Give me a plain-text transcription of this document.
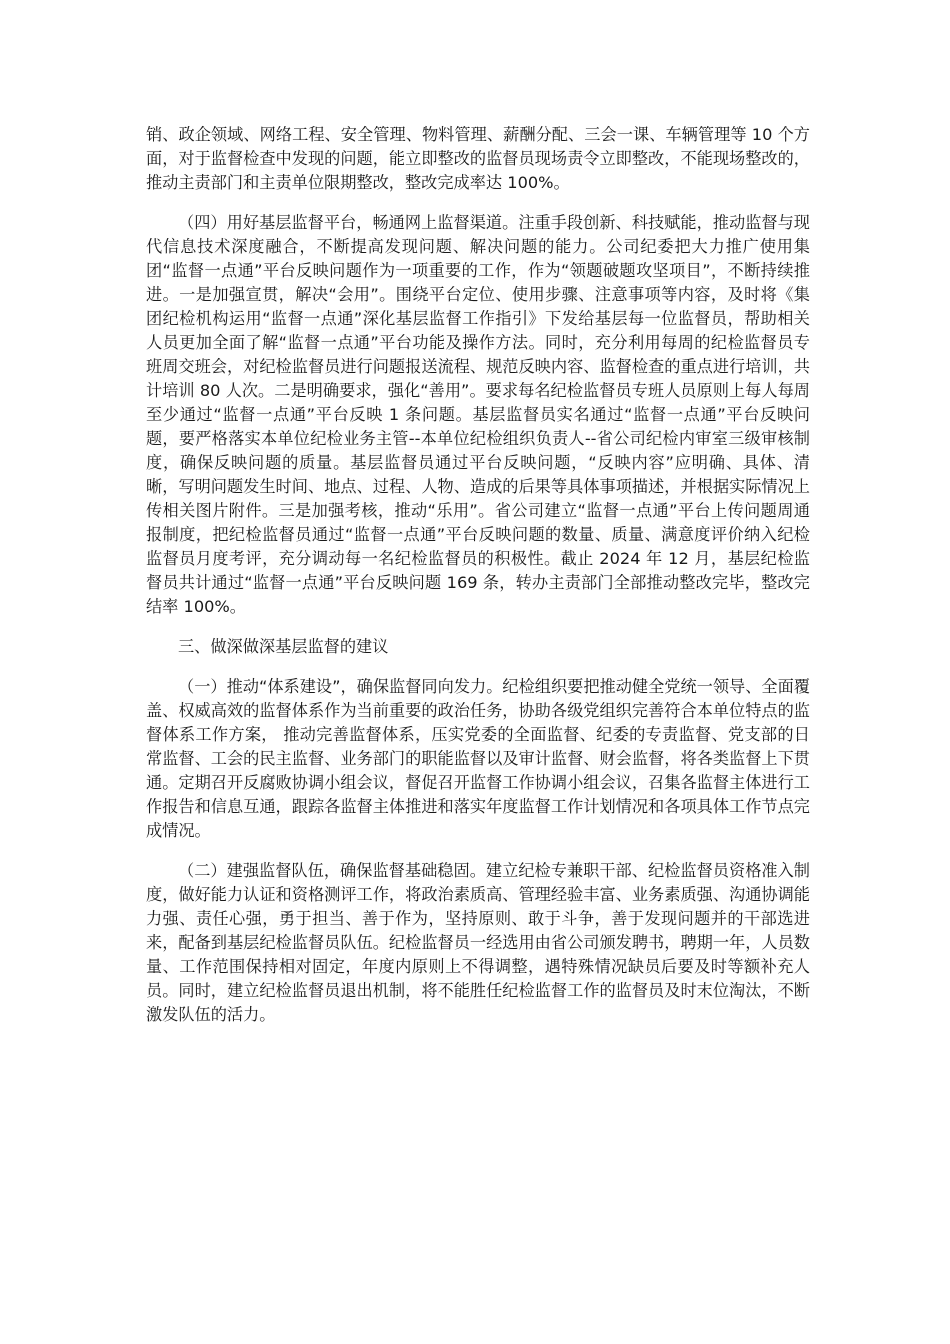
销、政企领域、网络工程、安全管理、物料管理、薪酬分配、三会一课、车辆管理等 10 个方面，对于监督检查中发现的问题，能立即整改的监督员现场责令立即整改，不能现场整改的，推动主责部门和主责单位限期整改，整改完成率达 100%。

（四）用好基层监督平台，畅通网上监督渠道。注重手段创新、科技赋能，推动监督与现代信息技术深度融合，不断提高发现问题、解决问题的能力。公司纪委把大力推广使用集团“监督一点通”平台反映问题作为一项重要的工作，作为“领题破题攻坚项目”，不断持续推进。一是加强宣贯，解决“会用”。围绕平台定位、使用步骤、注意事项等内容，及时将《集团纪检机构运用“监督一点通”深化基层监督工作指引》下发给基层每一位监督员，帮助相关人员更加全面了解“监督一点通”平台功能及操作方法。同时，充分利用每周的纪检监督员专班周交班会，对纪检监督员进行问题报送流程、规范反映内容、监督检查的重点进行培训，共计培训 80 人次。二是明确要求，强化“善用”。要求每名纪检监督员专班人员原则上每人每周至少通过“监督一点通”平台反映 1 条问题。基层监督员实名通过“监督一点通”平台反映问题，要严格落实本单位纪检业务主管--本单位纪检组织负责人--省公司纪检内审室三级审核制度，确保反映问题的质量。基层监督员通过平台反映问题，“反映内容”应明确、具体、清晰，写明问题发生时间、地点、过程、人物、造成的后果等具体事项描述，并根据实际情况上传相关图片附件。三是加强考核，推动“乐用”。省公司建立“监督一点通”平台上传问题周通报制度，把纪检监督员通过“监督一点通”平台反映问题的数量、质量、满意度评价纳入纪检监督员月度考评，充分调动每一名纪检监督员的积极性。截止 2024 年 12 月，基层纪检监督员共计通过“监督一点通”平台反映问题 169 条，转办主责部门全部推动整改完毕，整改完结率 100%。

三、做深做深基层监督的建议

（一）推动“体系建设”，确保监督同向发力。纪检组织要把推动健全党统一领导、全面覆盖、权威高效的监督体系作为当前重要的政治任务，协助各级党组织完善符合本单位特点的监督体系工作方案， 推动完善监督体系，压实党委的全面监督、纪委的专责监督、党支部的日常监督、工会的民主监督、业务部门的职能监督以及审计监督、财会监督，将各类监督上下贯通。定期召开反腐败协调小组会议，督促召开监督工作协调小组会议，召集各监督主体进行工作报告和信息互通，跟踪各监督主体推进和落实年度监督工作计划情况和各项具体工作节点完成情况。

（二）建强监督队伍，确保监督基础稳固。建立纪检专兼职干部、纪检监督员资格准入制度，做好能力认证和资格测评工作，将政治素质高、管理经验丰富、业务素质强、沟通协调能力强、责任心强，勇于担当、善于作为，坚持原则、敢于斗争，善于发现问题并的干部选进来，配备到基层纪检监督员队伍。纪检监督员一经选用由省公司颁发聘书，聘期一年，人员数量、工作范围保持相对固定，年度内原则上不得调整，遇特殊情况缺员后要及时等额补充人员。同时，建立纪检监督员退出机制，将不能胜任纪检监督工作的监督员及时末位淘汰，不断激发队伍的活力。
